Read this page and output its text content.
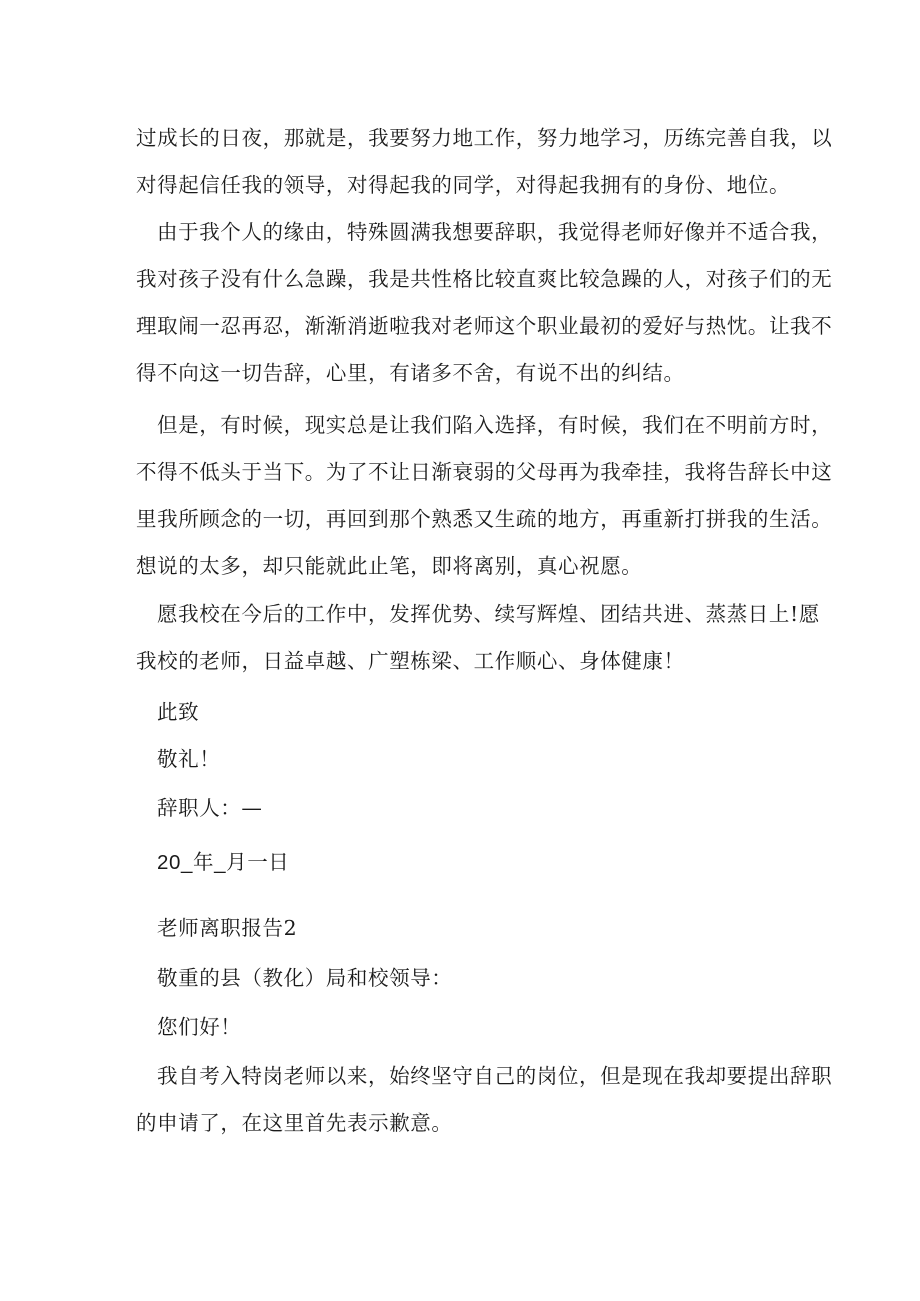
过成长的日夜，那就是，我要努力地工作，努力地学习，历练完善自我，以
对得起信任我的领导，对得起我的同学，对得起我拥有的身份、地位。
由于我个人的缘由，特殊圆满我想要辞职，我觉得老师好像并不适合我，
我对孩子没有什么急躁，我是共性格比较直爽比较急躁的人，对孩子们的无
理取闹一忍再忍，渐渐消逝啦我对老师这个职业最初的爱好与热忱。让我不
得不向这一切告辞，心里，有诸多不舍，有说不出的纠结。
但是，有时候，现实总是让我们陷入选择，有时候，我们在不明前方时，
不得不低头于当下。为了不让日渐衰弱的父母再为我牵挂，我将告辞长中这
里我所顾念的一切，再回到那个熟悉又生疏的地方，再重新打拼我的生活。
想说的太多，却只能就此止笔，即将离别，真心祝愿。
愿我校在今后的工作中，发挥优势、续写辉煌、团结共进、蒸蒸日上!愿
我校的老师，日益卓越、广塑栋梁、工作顺心、身体健康！
此致
敬礼！
辞职人：—
20_年_月一日
老师离职报告2
敬重的县（教化）局和校领导：
您们好！
我自考入特岗老师以来，始终坚守自己的岗位，但是现在我却要提出辞职
的申请了，在这里首先表示歉意。
